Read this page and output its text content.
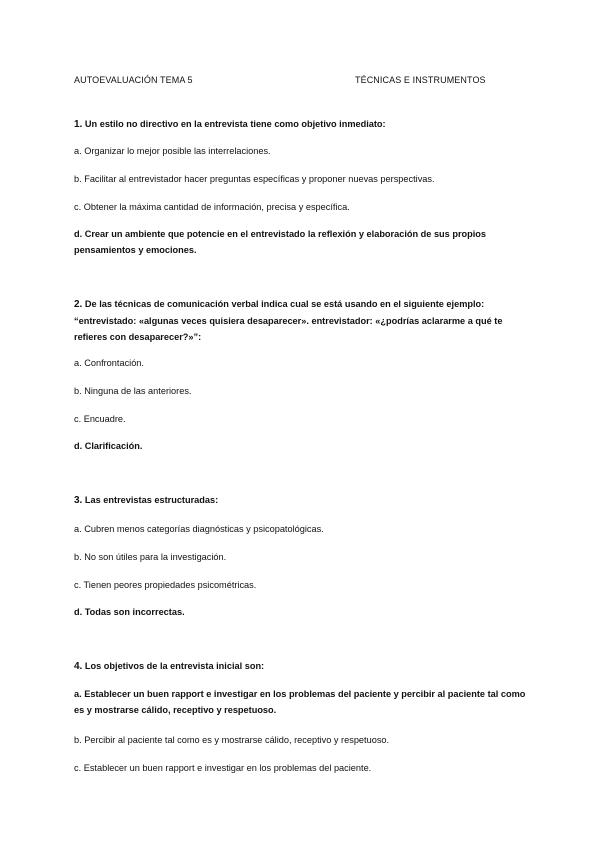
AUTOEVALUACIÓN TEMA 5	TÉCNICAS E INSTRUMENTOS
1. Un estilo no directivo en la entrevista tiene como objetivo inmediato:
a. Organizar lo mejor posible las interrelaciones.
b. Facilitar al entrevistador hacer preguntas específicas y proponer nuevas perspectivas.
c. Obtener la máxima cantidad de información, precisa y específica.
d. Crear un ambiente que potencie en el entrevistado la reflexión y elaboración de sus propios pensamientos y emociones.
2. De las técnicas de comunicación verbal indica cual se está usando en el siguiente ejemplo: “entrevistado: «algunas veces quisiera desaparecer». entrevistador: «¿podrías aclararme a qué te refieres con desaparecer?»”:
a. Confrontación.
b. Ninguna de las anteriores.
c. Encuadre.
d. Clarificación.
3. Las entrevistas estructuradas:
a. Cubren menos categorías diagnósticas y psicopatológicas.
b. No son útiles para la investigación.
c. Tienen peores propiedades psicométricas.
d. Todas son incorrectas.
4. Los objetivos de la entrevista inicial son:
a. Establecer un buen rapport e investigar en los problemas del paciente y percibir al paciente tal como es y mostrarse cálido, receptivo y respetuoso.
b. Percibir al paciente tal como es y mostrarse cálido, receptivo y respetuoso.
c. Establecer un buen rapport e investigar en los problemas del paciente.
